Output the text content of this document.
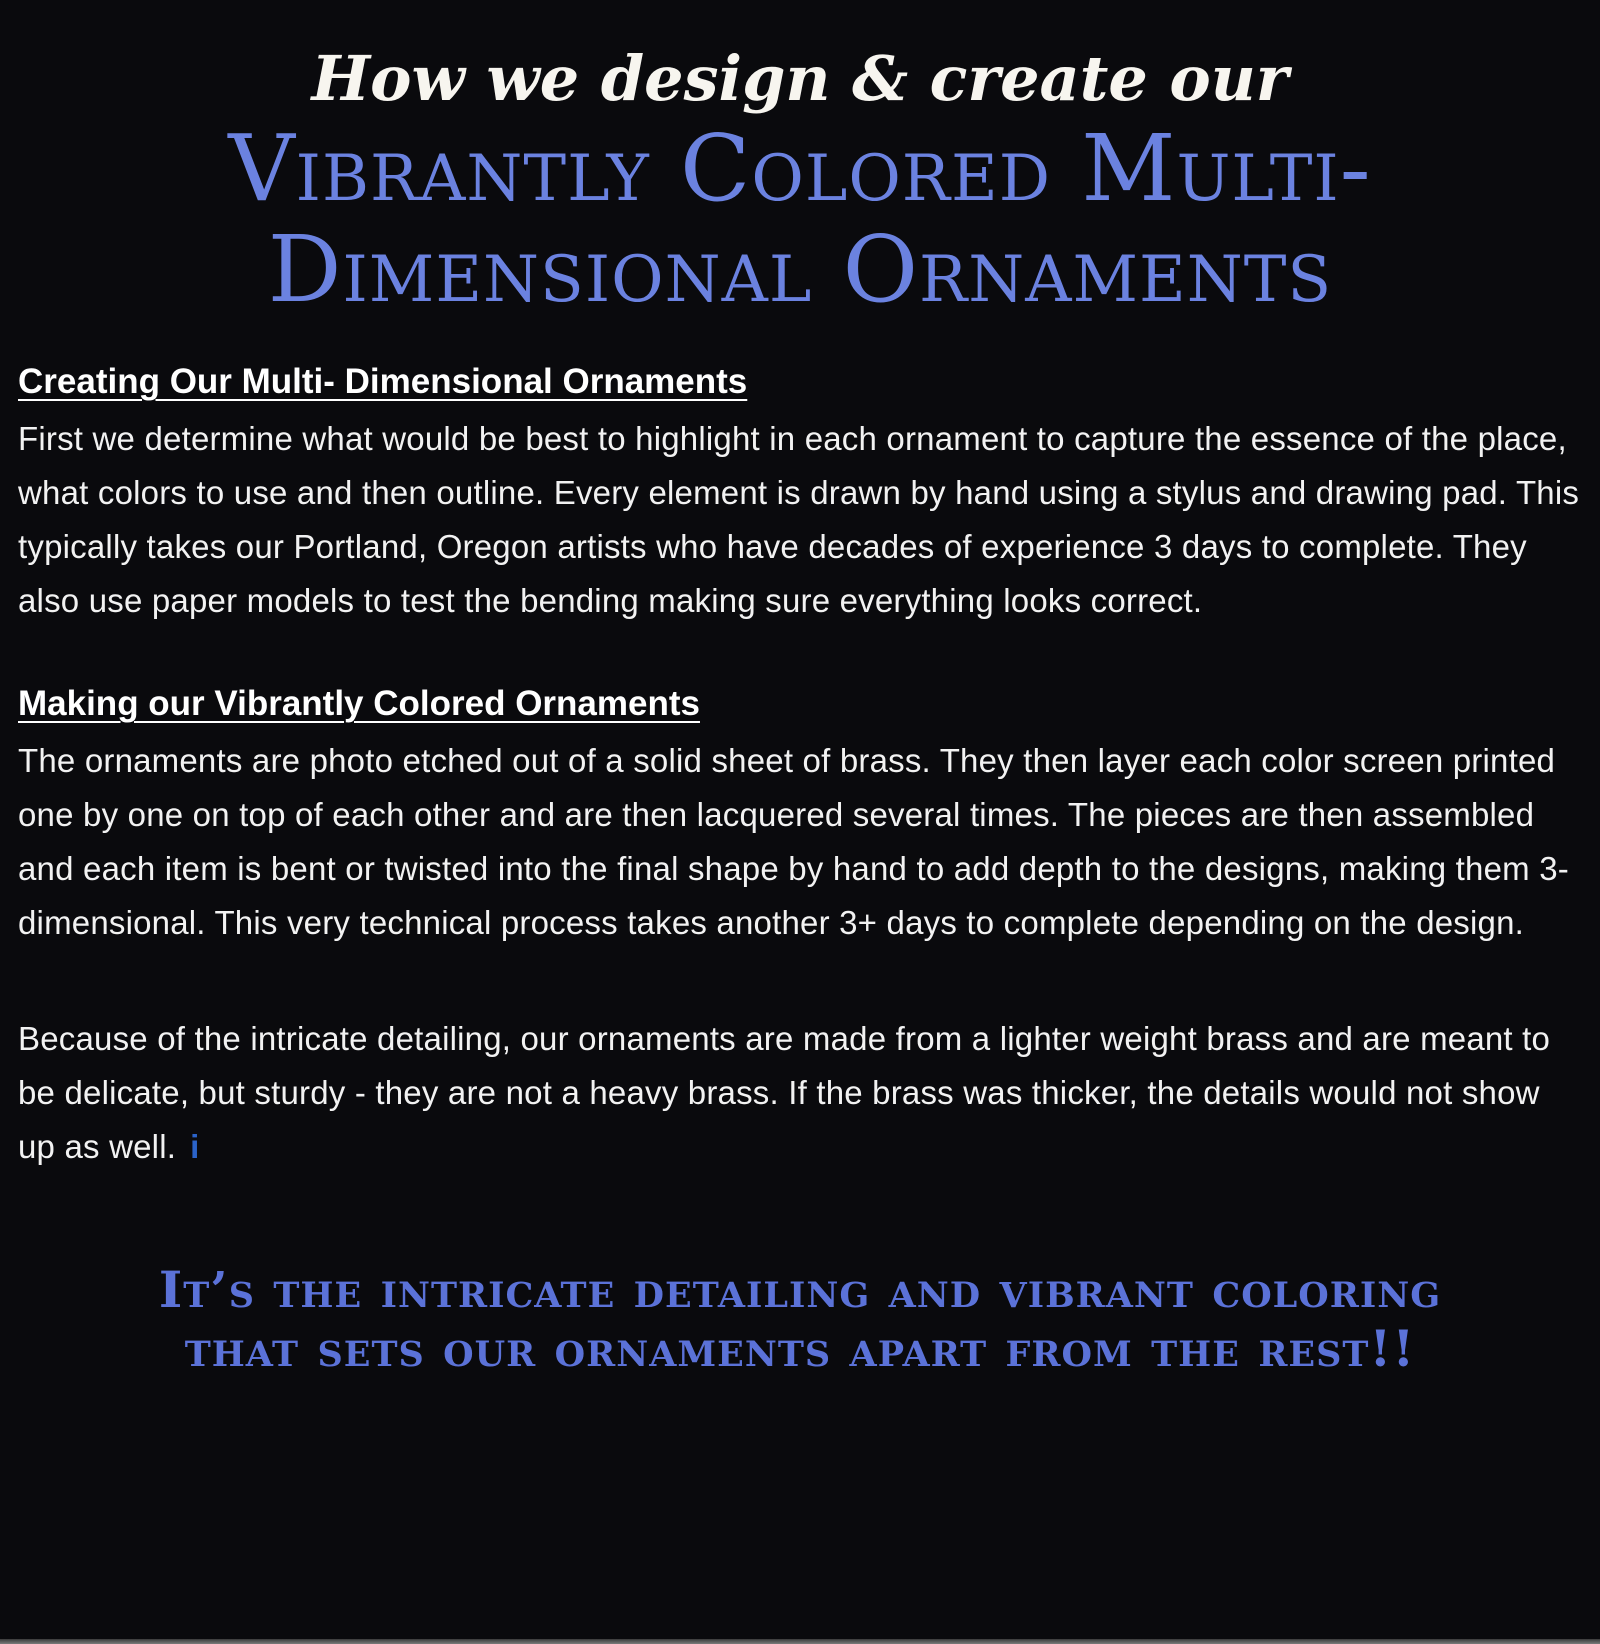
How we design & create our
Vibrantly Colored Multi-
Dimensional Ornaments
Creating Our Multi- Dimensional Ornaments

First we determine what would be best to highlight in each ornament to capture the essence of the place, what colors to use and then outline. Every element is drawn by hand using a stylus and drawing pad. This typically takes our Portland, Oregon artists who have decades of experience 3 days to complete. They also use paper models to test the bending making sure everything looks correct.

Making our Vibrantly Colored Ornaments

The ornaments are photo etched out of a solid sheet of brass. They then layer each color screen printed one by one on top of each other and are then lacquered several times. The pieces are then assembled and each item is bent or twisted into the final shape by hand to add depth to the designs, making them 3- dimensional. This very technical process takes another 3+ days to complete depending on the design.

Because of the intricate detailing, our ornaments are made from a lighter weight brass and are meant to be delicate, but sturdy - they are not a heavy brass. If the brass was thicker, the details would not show up as well. i

It’s the intricate detailing and vibrant coloring
that sets our ornaments apart from the rest!!
